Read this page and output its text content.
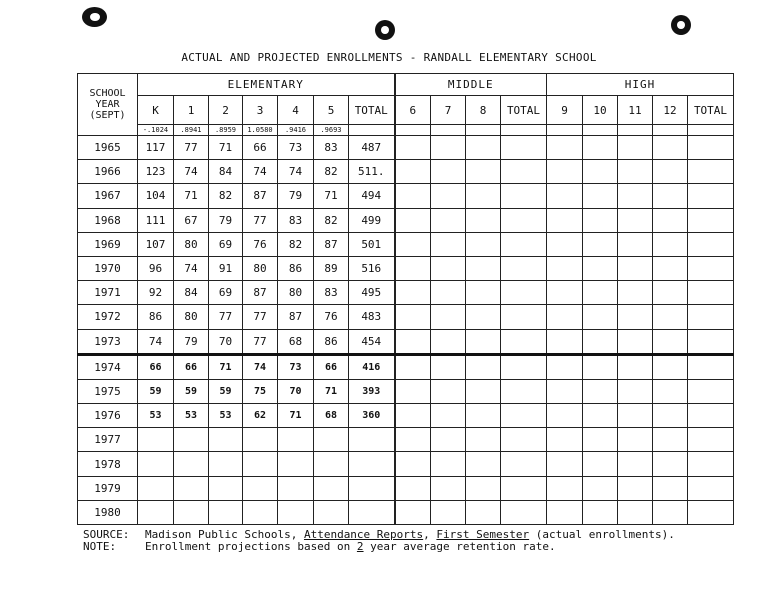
ACTUAL AND PROJECTED ENROLLMENTS - RANDALL ELEMENTARY SCHOOL
SCHOOL
YEAR
(SEPT)	ELEMENTARY							MIDDLE				HIGH				
	K	1	2	3	4	5	TOTAL	6	7	8	TOTAL	9	10	11	12	TOTAL
	-.1024	.8941	.8959	1.0580	.9416	.9693										
1965	117	77	71	66	73	83	487									
1966	123	74	84	74	74	82	511.									
1967	104	71	82	87	79	71	494									
1968	111	67	79	77	83	82	499									
1969	107	80	69	76	82	87	501									
1970	96	74	91	80	86	89	516									
1971	92	84	69	87	80	83	495									
1972	86	80	77	77	87	76	483									
1973	74	79	70	77	68	86	454									
1974	66	66	71	74	73	66	416									
1975	59	59	59	75	70	71	393									
1976	53	53	53	62	71	68	360									
1977																
1978																
1979																
1980																
SOURCE: Madison Public Schools, Attendance Reports, First Semester (actual enrollments).
NOTE:	Enrollment projections based on 2 year average retention rate.
